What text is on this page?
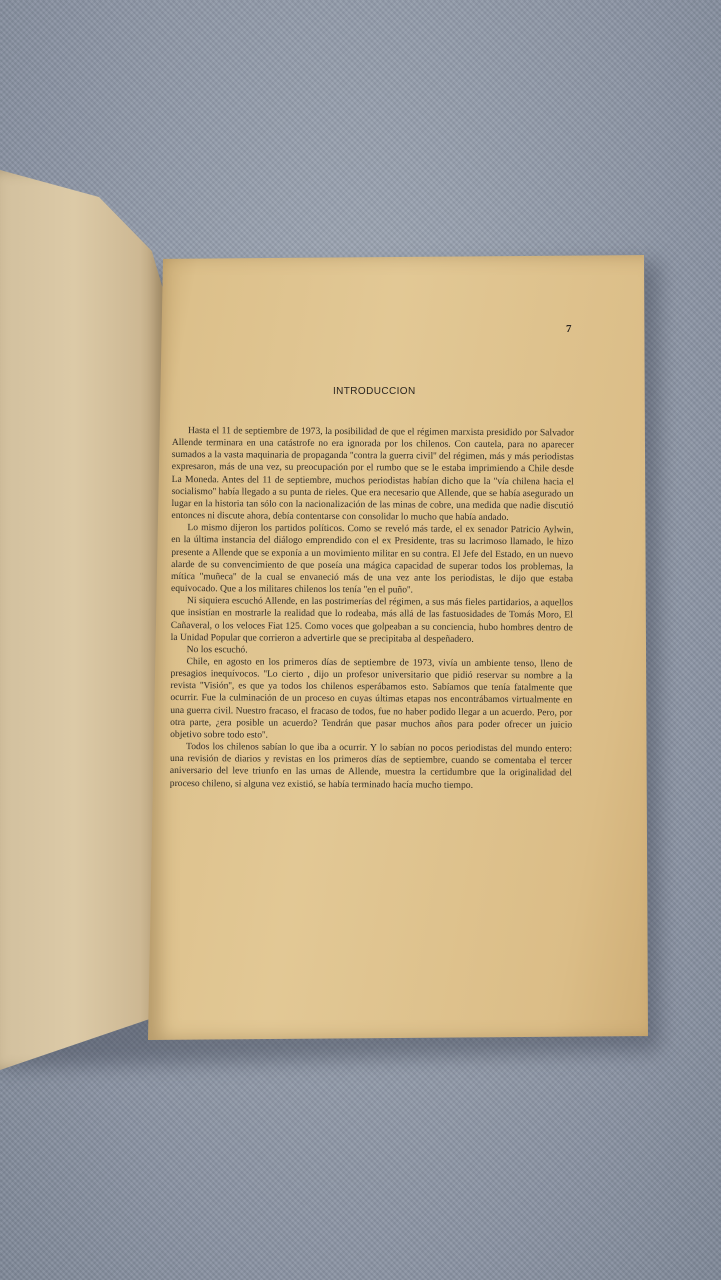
7
INTRODUCCION

Hasta el 11 de septiembre de 1973, la posibilidad de que el régimen marxista presidido por Salvador Allende terminara en una catástrofe no era ignorada por los chilenos. Con cautela, para no aparecer sumados a la vasta maquinaria de propaganda ''contra la guerra civil'' del régimen, más y más periodistas expresaron, más de una vez, su preocupación por el rumbo que se le estaba imprimiendo a Chile desde La Moneda. Antes del 11 de septiembre, muchos periodistas habían dicho que la ''vía chilena hacia el socialismo'' había llegado a su punta de rieles. Que era necesario que Allende, que se había asegurado un lugar en la historia tan sólo con la nacionalización de las minas de cobre, una medida que nadie discutió entonces ni discute ahora, debía contentarse con consolidar lo mucho que había andado.

Lo mismo dijeron los partidos políticos. Como se reveló más tarde, el ex senador Patricio Aylwin, en la última instancia del diálogo emprendido con el ex Presidente, tras su lacrimoso llamado, le hizo presente a Allende que se exponía a un movimiento militar en su contra. El Jefe del Estado, en un nuevo alarde de su convencimiento de que poseía una mágica capacidad de superar todos los problemas, la mítica ''muñeca'' de la cual se envaneció más de una vez ante los periodistas, le dijo que estaba equivocado. Que a los militares chilenos los tenía ''en el puño''.

Ni siquiera escuchó Allende, en las postrimerías del régimen, a sus más fieles partidarios, a aquellos que insistían en mostrarle la realidad que lo rodeaba, más allá de las fastuosidades de Tomás Moro, El Cañaveral, o los veloces Fiat 125. Como voces que golpeaban a su conciencia, hubo hombres dentro de la Unidad Popular que corrieron a advertirle que se precipitaba al despeñadero.

No los escuchó.

Chile, en agosto en los primeros días de septiembre de 1973, vivía un ambiente tenso, lleno de presagios inequívocos. ''Lo cierto , dijo un profesor universitario que pidió reservar su nombre a la revista ''Visión'', es que ya todos los chilenos esperábamos esto. Sabíamos que tenía fatalmente que ocurrir. Fue la culminación de un proceso en cuyas últimas etapas nos encontrábamos virtualmente en una guerra civil. Nuestro fracaso, el fracaso de todos, fue no haber podido llegar a un acuerdo. Pero, por otra parte, ¿era posible un acuerdo? Tendrán que pasar muchos años para poder ofrecer un juicio objetivo sobre todo esto''.

Todos los chilenos sabían lo que iba a ocurrir. Y lo sabían no pocos periodistas del mundo entero: una revisión de diarios y revistas en los primeros días de septiembre, cuando se comentaba el tercer aniversario del leve triunfo en las urnas de Allende, muestra la certidumbre que la originalidad del proceso chileno, si alguna vez existió, se había terminado hacía mucho tiempo.
